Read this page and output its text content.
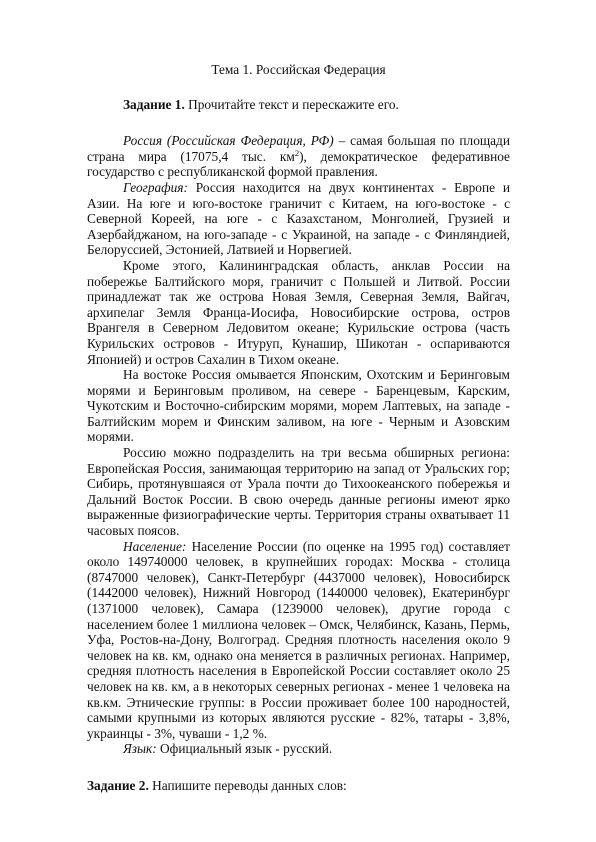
Тема 1. Российская Федерация

Задание 1. Прочитайте текст и перескажите его.

Россия (Российская Федерация, РФ) – самая большая по площади страна мира (17075,4 тыс. $км^2$), демократическое федеративное государство с республиканской формой правления.

География: Россия находится на двух континентах - Европе и Азии. На юге и юго-востоке граничит с Китаем, на юго-востоке - с Северной Кореей, на юге - с Казахстаном, Монголией, Грузией и Азербайджаном, на юго-западе - с Украиной, на западе - с Финляндией, Белоруссией, Эстонией, Латвией и Норвегией.

Кроме этого, Калининградская область, анклав России на побережье Балтийского моря, граничит с Польшей и Литвой. России принадлежат так же острова Новая Земля, Северная Земля, Вайгач, архипелаг Земля Франца-Иосифа, Новосибирские острова, остров Врангеля в Северном Ледовитом океане; Курильские острова (часть Курильских островов - Итуруп, Кунашир, Шикотан - оспариваются Японией) и остров Сахалин в Тихом океане.

На востоке Россия омывается Японским, Охотским и Беринговым морями и Беринговым проливом, на севере - Баренцевым, Карским, Чукотским и Восточно-сибирским морями, морем Лаптевых, на западе - Балтийским морем и Финским заливом, на юге - Черным и Азовским морями.

Россию можно подразделить на три весьма обширных региона: Европейская Россия, занимающая территорию на запад от Уральских гор; Сибирь, протянувшаяся от Урала почти до Тихоокеанского побережья и Дальний Восток России. В свою очередь данные регионы имеют ярко выраженные физиографические черты. Территория страны охватывает 11 часовых поясов.

Население: Население России (по оценке на 1995 год) составляет около 149740000 человек, в крупнейших городах: Москва - столица (8747000 человек), Санкт-Петербург (4437000 человек), Новосибирск (1442000 человек), Нижний Новгород (1440000 человек), Екатеринбург (1371000 человек), Самара (1239000 человек), другие города с населением более 1 миллиона человек – Омск, Челябинск, Казань, Пермь, Уфа, Ростов-на-Дону, Волгоград. Средняя плотность населения около 9 человек на кв. км, однако она меняется в различных регионах. Например, средняя плотность населения в Европейской России составляет около 25 человек на кв. км, а в некоторых северных регионах - менее 1 человека на кв.км. Этнические группы: в России проживает более 100 народностей, самыми крупными из которых являются русские - 82%, татары - 3,8%, украинцы - 3%, чуваши - 1,2 %.

Язык: Официальный язык - русский.

Задание 2. Напишите переводы данных слов:
